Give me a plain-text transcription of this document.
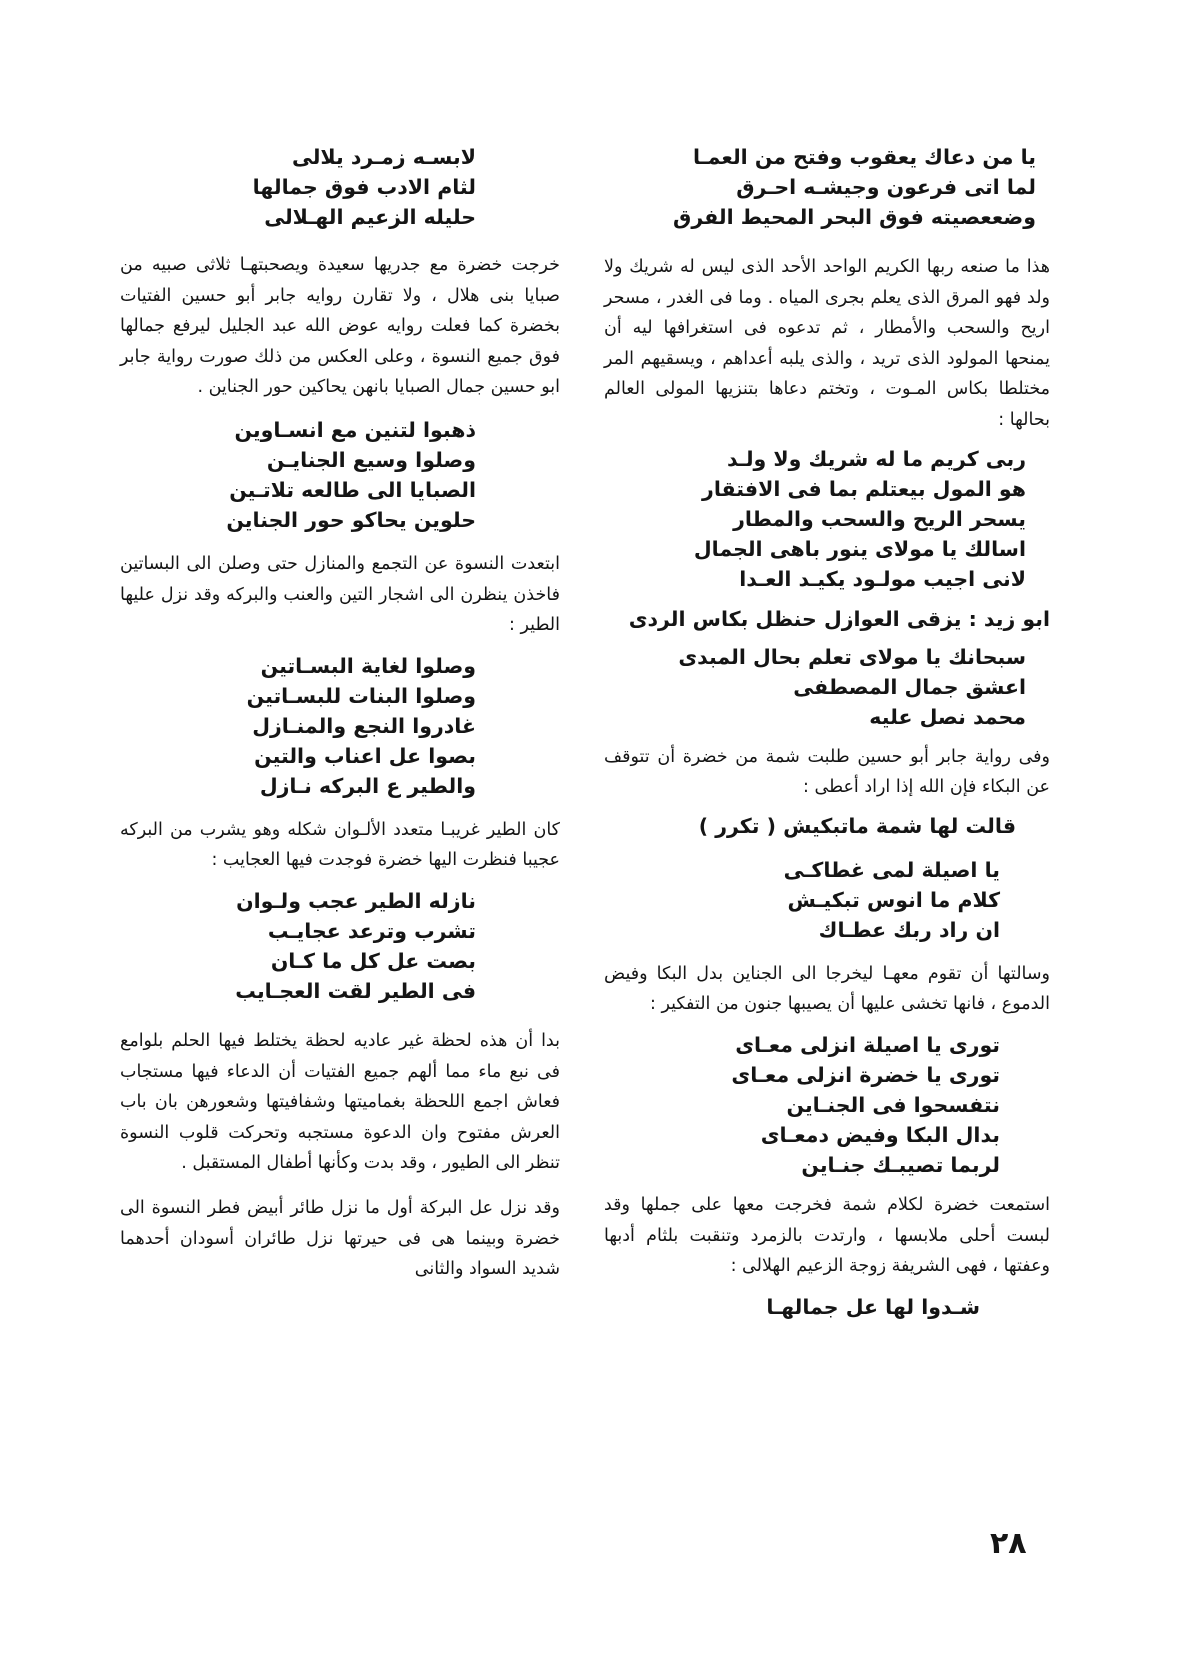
يا من دعاك يعقوب وفتح من العمـا
لما اتى فرعون وجيشـه احـرق
وضععصيته فوق البحر المحيط الفرق

هذا ما صنعه ربها الكريم الواحد الأحد الذى ليس له شريك ولا ولد فهو المرق الذى يعلم بجرى المياه . وما فى الغدر ، مسحر اريح والسحب والأمطار ، ثم تدعوه فى استغرافها ليه أن يمنحها المولود الذى تريد ، والذى يلبه أعداهم ، ويسقيهم المر مختلطا بكاس المـوت ، وتختم دعاها بتنزيها المولى العالم بحالها :

ربى كريم ما له شريك ولا ولـد
هو المول بيعتلم بما فى الافتقار
يسحر الريح والسحب والمطار
اسالك يا مولاى ينور باهى الجمال
لانى اجيب مولـود يكيـد العـدا
ابو زيد : يزقى العوازل حنظل بكاس الردى
سبحانك يا مولاى تعلم بحال المبدى
اعشق جمال المصطفى
محمد نصل عليه

وفى رواية جابر أبو حسين طلبت شمة من خضرة أن تتوقف عن البكاء فإن الله إذا اراد أعطى :

قالت لها شمة ماتبكيش ( تكرر )
يا اصيلة لمى غطاكـى
كلام ما انوس تبكيـش
ان راد ربك عطـاك

وسالتها أن تقوم معهـا ليخرجا الى الجناين بدل البكا وفيض الدموع ، فانها تخشى عليها أن يصيبها جنون من التفكير :

تورى يا اصيلة انزلى معـاى
تورى يا خضرة انزلى معـاى
نتفسحوا فى الجنـاين
بدال البكا وفيض دمعـاى
لربما تصيبـك جنـاين

استمعت خضرة لكلام شمة فخرجت معها على جملها وقد لبست أحلى ملابسها ، وارتدت بالزمرد وتنقبت بلثام أدبها وعفتها ، فهى الشريفة زوجة الزعيم الهلالى :

شـدوا لها عل جمالهـا
لابسـه زمـرد يلالى
لثام الادب فوق جمالها
حليله الزعيم الهـلالى

خرجت خضرة مع جدريها سعيدة ويصحبتهـا ثلاثى صبيه من صبايا بنى هلال ، ولا تقارن روايه جابر أبو حسين الفتيات بخضرة كما فعلت روايه عوض الله عبد الجليل ليرفع جمالها فوق جميع النسوة ، وعلى العكس من ذلك صورت رواية جابر ابو حسين جمال الصبايا بانهن يحاكين حور الجناين .

ذهبوا لتنين مع انسـاوين
وصلوا وسيع الجنايـن
الصبايا الى طالعه تلاتـين
حلوين يحاكو حور الجناين

ابتعدت النسوة عن التجمع والمنازل حتى وصلن الى البساتين فاخذن ينظرن الى اشجار التين والعنب والبركه وقد نزل عليها الطير :

وصلوا لغاية البسـاتين
وصلوا البنات للبسـاتين
غادروا النجع والمنـازل
بصوا عل اعناب والتين
والطير ع البركه نـازل

كان الطير غريبـا متعدد الألـوان شكله وهو يشرب من البركه عجيبا فنظرت اليها خضرة فوجدت فيها العجايب :

نازله الطير عجب ولـوان
تشرب وترعد عجايـب
بصت عل كل ما كـان
فى الطير لقت العجـايب

بدا أن هذه لحظة غير عاديه لحظة يختلط فيها الحلم بلوامع فى نبع ماء مما ألهم جميع الفتيات أن الدعاء فيها مستجاب فعاش اجمع اللحظة بغماميتها وشفافيتها وشعورهن بان باب العرش مفتوح وان الدعوة مستجبه وتحركت قلوب النسوة تنظر الى الطيور ، وقد بدت وكأنها أطفال المستقبل .

وقد نزل عل البركة أول ما نزل طائر أبيض فطر النسوة الى خضرة وبينما هى فى حيرتها نزل طائران أسودان أحدهما شديد السواد والثانى

٢٨
